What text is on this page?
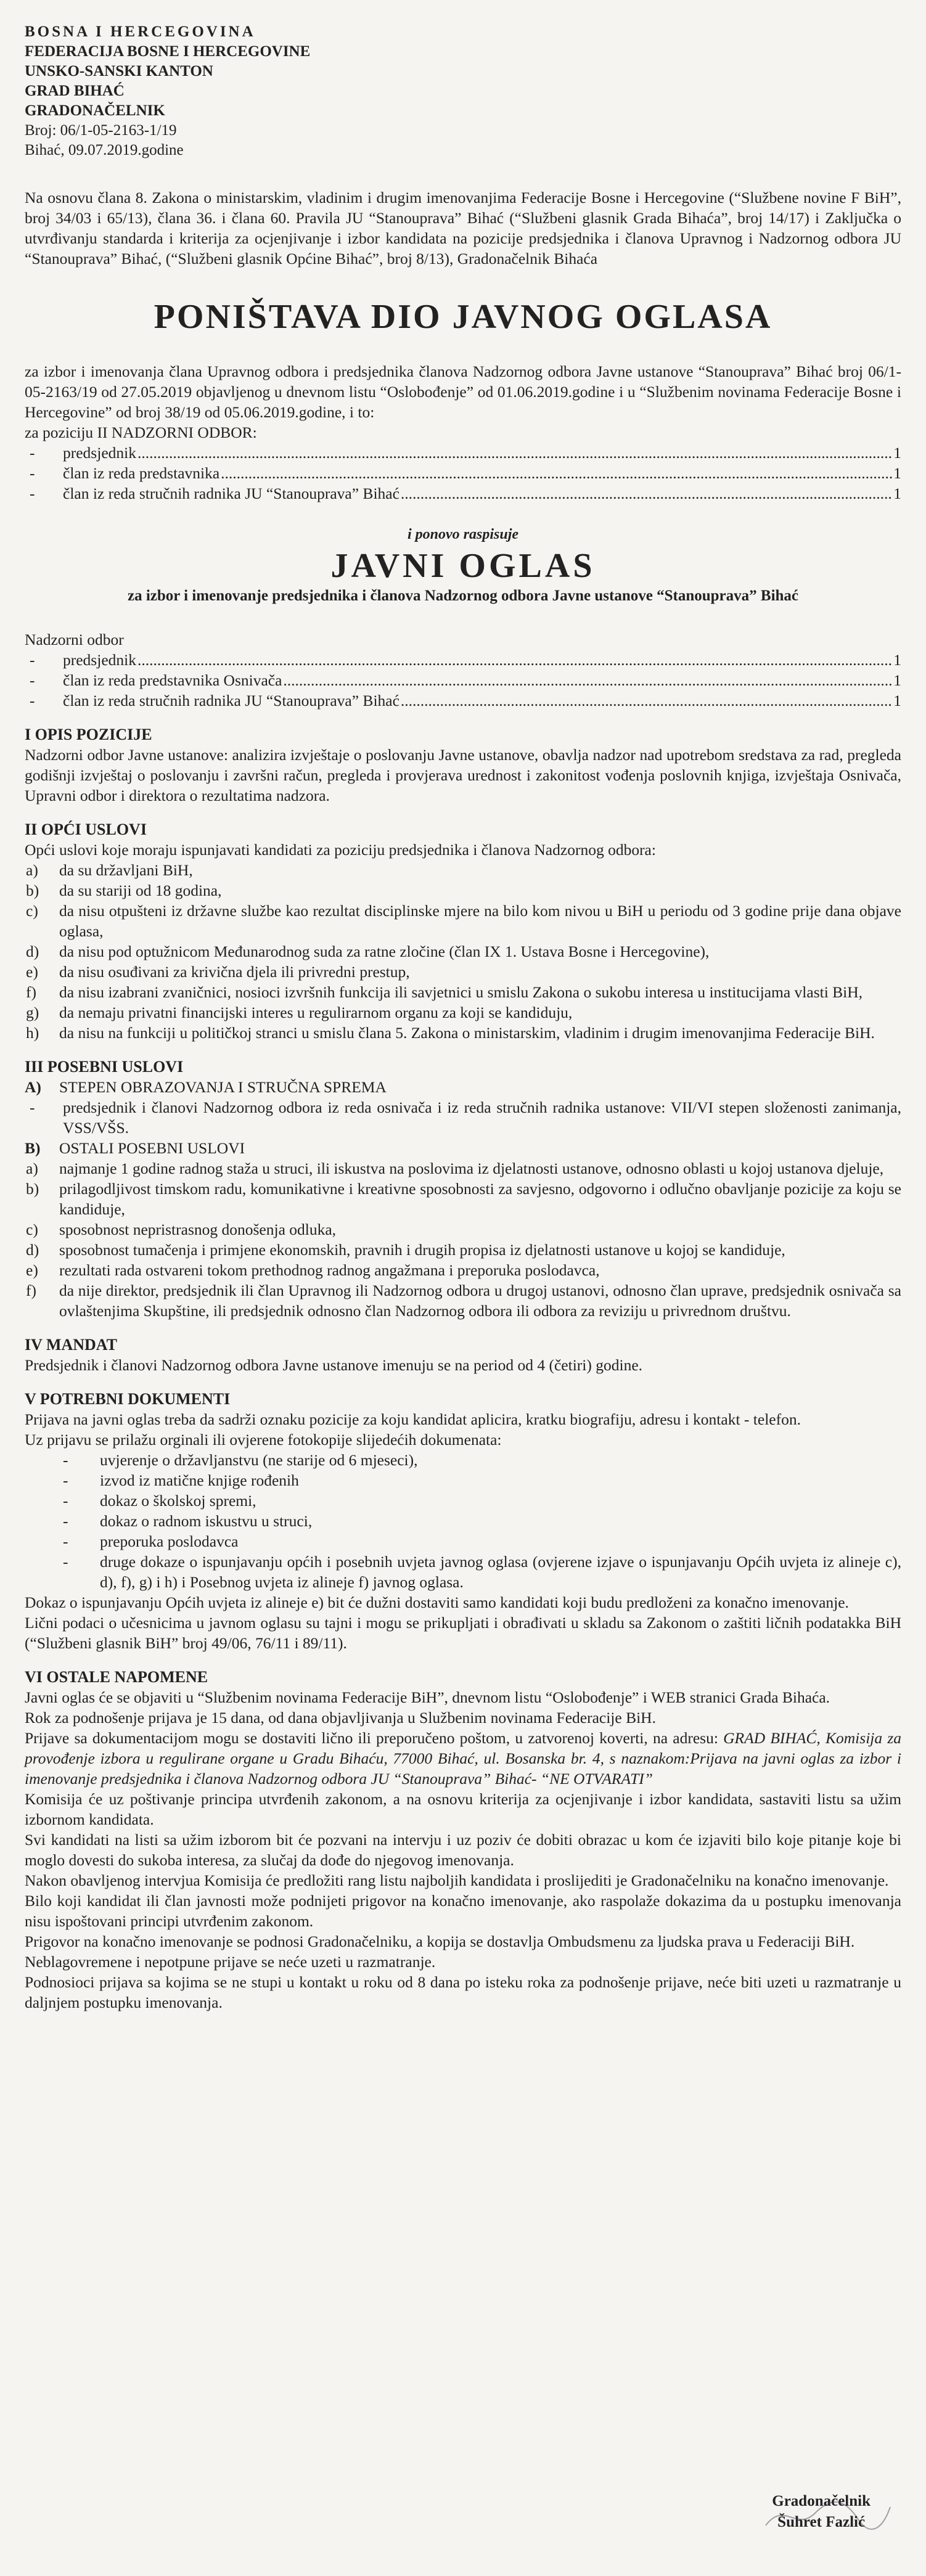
BOSNA I HERCEGOVINA
FEDERACIJA BOSNE I HERCEGOVINE
UNSKO-SANSKI KANTON
GRAD BIHAĆ
GRADONAČELNIK
Broj: 06/1-05-2163-1/19
Bihać, 09.07.2019.godine

Na osnovu člana 8. Zakona o ministarskim, vladinim i drugim imenovanjima Federacije Bosne i Hercegovine (“Službene novine F BiH”, broj 34/03 i 65/13), člana 36. i člana 60. Pravila JU “Stanouprava” Bihać (“Službeni glasnik Grada Bihaća”, broj 14/17) i Zaključka o utvrđivanju standarda i kriterija za ocjenjivanje i izbor kandidata na pozicije predsjednika i članova Upravnog i Nadzornog odbora JU “Stanouprava” Bihać, (“Službeni glasnik Općine Bihać”, broj 8/13), Gradonačelnik Bihaća

PONIŠTAVA DIO JAVNOG OGLASA

za izbor i imenovanja člana Upravnog odbora i predsjednika članova Nadzornog odbora Javne ustanove “Stanouprava” Bihać broj 06/1-05-2163/19 od 27.05.2019 objavljenog u dnevnom listu “Oslobođenje” od 01.06.2019.godine i u “Službenim novinama Federacije Bosne i Hercegovine” od broj 38/19 od 05.06.2019.godine, i to:

za poziciju II NADZORNI ODBOR:
-	predsjednik .....	1
-	član iz reda predstavnika .....	1
-	član iz reda stručnih radnika JU “Stanouprava” Bihać .....	1
i ponovo raspisuje
JAVNI OGLAS
za izbor i imenovanje predsjednika i članova Nadzornog odbora Javne ustanove “Stanouprava” Bihać
Nadzorni odbor
-	predsjednik .....	1
-	član iz reda predstavnika Osnivača .....	1
-	član iz reda stručnih radnika JU “Stanouprava” Bihać .....	1
I OPIS POZICIJE

Nadzorni odbor Javne ustanove: analizira izvještaje o poslovanju Javne ustanove, obavlja nadzor nad upotrebom sredstava za rad, pregleda godišnji izvještaj o poslovanju i završni račun, pregleda i provjerava urednost i zakonitost vođenja poslovnih knjiga, izvještaja Osnivača, Upravni odbor i direktora o rezultatima nadzora.

II OPĆI USLOVI

Opći uslovi koje moraju ispunjavati kandidati za poziciju predsjednika i članova Nadzornog odbora:

a)	da su državljani BiH,
b)	da su stariji od 18 godina,
c)	da nisu otpušteni iz državne službe kao rezultat disciplinske mjere na bilo kom nivou u BiH u periodu od 3 godine prije dana objave oglasa,
d)	da nisu pod optužnicom Međunarodnog suda za ratne zločine (član IX 1. Ustava Bosne i Hercegovine),
e)	da nisu osuđivani za krivična djela ili privredni prestup,
f)	da nisu izabrani zvaničnici, nosioci izvršnih funkcija ili savjetnici u smislu Zakona o sukobu interesa u institucijama vlasti BiH,
g)	da nemaju privatni financijski interes u regulirarnom organu za koji se kandiduju,
h)	da nisu na funkciji u političkoj stranci u smislu člana 5. Zakona o ministarskim, vladinim i drugim imenovanjima Federacije BiH.
III POSEBNI USLOVI
A)	STEPEN OBRAZOVANJA I STRUČNA SPREMA
-	predsjednik i članovi Nadzornog odbora iz reda osnivača i iz reda stručnih radnika ustanove: VII/VI stepen složenosti zanimanja, VSS/VŠS.
B)	OSTALI POSEBNI USLOVI
a)	najmanje 1 godine radnog staža u struci, ili iskustva na poslovima iz djelatnosti ustanove, odnosno oblasti u kojoj ustanova djeluje,
b)	prilagodljivost timskom radu, komunikativne i kreativne sposobnosti za savjesno, odgovorno i odlučno obavljanje pozicije za koju se kandiduje,
c)	sposobnost nepristrasnog donošenja odluka,
d)	sposobnost tumačenja i primjene ekonomskih, pravnih i drugih propisa iz djelatnosti ustanove u kojoj se kandiduje,
e)	rezultati rada ostvareni tokom prethodnog radnog angažmana i preporuka poslodavca,
f)	da nije direktor, predsjednik ili član Upravnog ili Nadzornog odbora u drugoj ustanovi, odnosno član uprave, predsjednik osnivača sa ovlaštenjima Skupštine, ili predsjednik odnosno član Nadzornog odbora ili odbora za reviziju u privrednom društvu.
IV MANDAT

Predsjednik i članovi Nadzornog odbora Javne ustanove imenuju se na period od 4 (četiri) godine.

V POTREBNI DOKUMENTI

Prijava na javni oglas treba da sadrži oznaku pozicije za koju kandidat aplicira, kratku biografiju, adresu i kontakt - telefon.

Uz prijavu se prilažu orginali ili ovjerene fotokopije slijedećih dokumenata:

-	uvjerenje o državljanstvu (ne starije od 6 mjeseci),
-	izvod iz matične knjige rođenih
-	dokaz o školskoj spremi,
-	dokaz o radnom iskustvu u struci,
-	preporuka poslodavca
-	druge dokaze o ispunjavanju općih i posebnih uvjeta javnog oglasa (ovjerene izjave o ispunjavanju Općih uvjeta iz alineje c), d), f), g) i h) i Posebnog uvjeta iz alineje f) javnog oglasa.

Dokaz o ispunjavanju Općih uvjeta iz alineje e) bit će dužni dostaviti samo kandidati koji budu predloženi za konačno imenovanje.

Lični podaci o učesnicima u javnom oglasu su tajni i mogu se prikupljati i obrađivati u skladu sa Zakonom o zaštiti ličnih podatakka BiH (“Službeni glasnik BiH” broj 49/06, 76/11 i 89/11).

VI OSTALE NAPOMENE

Javni oglas će se objaviti u “Službenim novinama Federacije BiH”, dnevnom listu “Oslobođenje” i WEB stranici Grada Bihaća.

Rok za podnošenje prijava je 15 dana, od dana objavljivanja u Službenim novinama Federacije BiH.

Prijave sa dokumentacijom mogu se dostaviti lično ili preporučeno poštom, u zatvorenoj koverti, na adresu: GRAD BIHAĆ, Komisija za provođenje izbora u regulirane organe u Gradu Bihaću, 77000 Bihać, ul. Bosanska br. 4, s naznakom:Prijava na javni oglas za izbor i imenovanje predsjednika i članova Nadzornog odbora JU “Stanouprava” Bihać- “NE OTVARATI”

Komisija će uz poštivanje principa utvrđenih zakonom, a na osnovu kriterija za ocjenjivanje i izbor kandidata, sastaviti listu sa užim izbornom kandidata.

Svi kandidati na listi sa užim izborom bit će pozvani na intervju i uz poziv će dobiti obrazac u kom će izjaviti bilo koje pitanje koje bi moglo dovesti do sukoba interesa, za slučaj da dođe do njegovog imenovanja.

Nakon obavljenog intervjua Komisija će predložiti rang listu najboljih kandidata i proslijediti je Gradonačelniku na konačno imenovanje.

Bilo koji kandidat ili član javnosti može podnijeti prigovor na konačno imenovanje, ako raspolaže dokazima da u postupku imenovanja nisu ispoštovani principi utvrđenim zakonom.

Prigovor na konačno imenovanje se podnosi Gradonačelniku, a kopija se dostavlja Ombudsmenu za ljudska prava u Federaciji BiH.

Neblagovremene i nepotpune prijave se neće uzeti u razmatranje.

Podnosioci prijava sa kojima se ne stupi u kontakt u roku od 8 dana po isteku roka za podnošenje prijave, neće biti uzeti u razmatranje u daljnjem postupku imenovanja.

Gradonačelnik
Šuhret Fazlić
